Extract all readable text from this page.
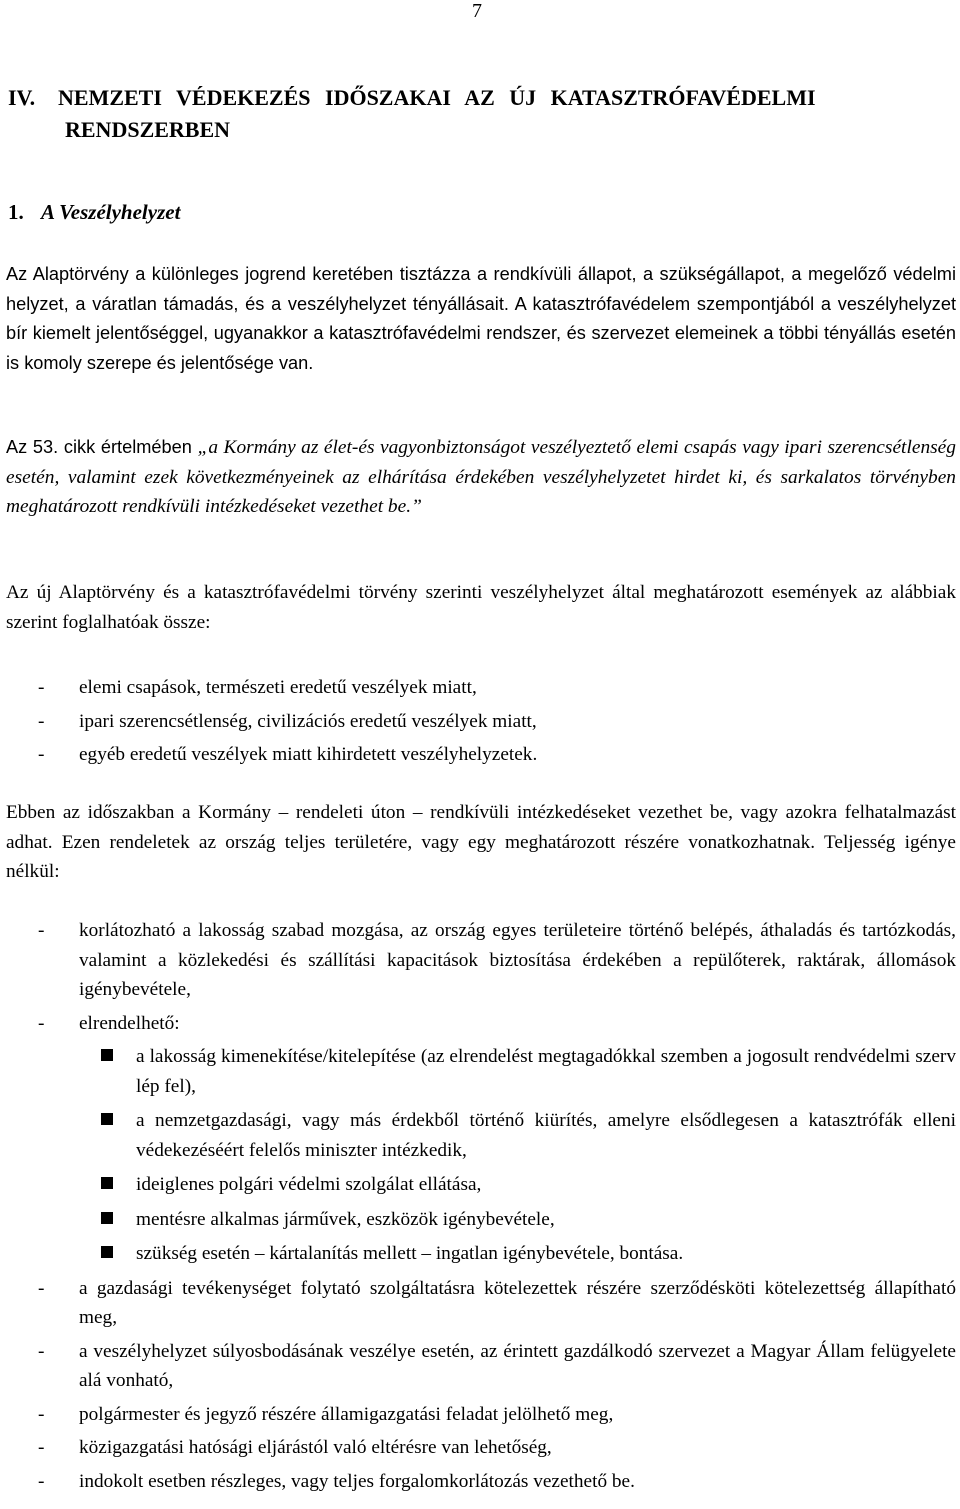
7
IV. NEMZETI VÉDEKEZÉS IDŐSZAKAI AZ ÚJ KATASZTRÓFAVÉDELMI
RENDSZERBEN
1. A Veszélyhelyzet

Az Alaptörvény a különleges jogrend keretében tisztázza a rendkívüli állapot, a szükségállapot, a megelőző védelmi helyzet, a váratlan támadás, és a veszélyhelyzet tényállásait. A katasztrófavédelem szempontjából a veszélyhelyzet bír kiemelt jelentőséggel, ugyanakkor a katasztrófavédelmi rendszer, és szervezet elemeinek a többi tényállás esetén is komoly szerepe és jelentősége van.

Az 53. cikk értelmében „a Kormány az élet-és vagyonbiztonságot veszélyeztető elemi csapás vagy ipari szerencsétlenség esetén, valamint ezek következményeinek az elhárítása érdekében veszélyhelyzetet hirdet ki, és sarkalatos törvényben meghatározott rendkívüli intézkedéseket vezethet be.”

Az új Alaptörvény és a katasztrófavédelmi törvény szerinti veszélyhelyzet által meghatározott események az alábbiak szerint foglalhatóak össze:

- elemi csapások, természeti eredetű veszélyek miatt,
- ipari szerencsétlenség, civilizációs eredetű veszélyek miatt,
- egyéb eredetű veszélyek miatt kihirdetett veszélyhelyzetek.

Ebben az időszakban a Kormány – rendeleti úton – rendkívüli intézkedéseket vezethet be, vagy azokra felhatalmazást adhat. Ezen rendeletek az ország teljes területére, vagy egy meghatározott részére vonatkozhatnak. Teljesség igénye nélkül:

- korlátozható a lakosság szabad mozgása, az ország egyes területeire történő belépés, áthaladás és tartózkodás, valamint a közlekedési és szállítási kapacitások biztosítása érdekében a repülőterek, raktárak, állomások igénybevétele,
- elrendelhető:
a lakosság kimenekítése/kitelepítése (az elrendelést megtagadókkal szemben a jogosult rendvédelmi szerv lép fel),
a nemzetgazdasági, vagy más érdekből történő kiürítés, amelyre elsődlegesen a katasztrófák elleni védekezéséért felelős miniszter intézkedik,
ideiglenes polgári védelmi szolgálat ellátása,
mentésre alkalmas járművek, eszközök igénybevétele,
szükség esetén – kártalanítás mellett – ingatlan igénybevétele, bontása.
- a gazdasági tevékenységet folytató szolgáltatásra kötelezettek részére szerződésköti kötelezettség állapítható meg,
- a veszélyhelyzet súlyosbodásának veszélye esetén, az érintett gazdálkodó szervezet a Magyar Állam felügyelete alá vonható,
- polgármester és jegyző részére államigazgatási feladat jelölhető meg,
- közigazgatási hatósági eljárástól való eltérésre van lehetőség,
- indokolt esetben részleges, vagy teljes forgalomkorlátozás vezethető be.
